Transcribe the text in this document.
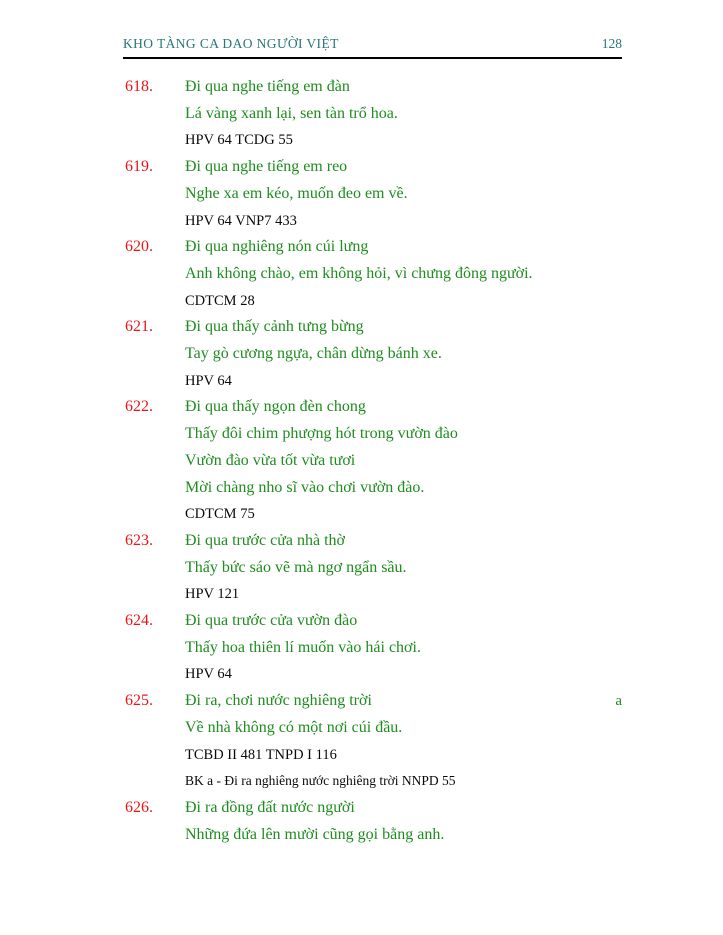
KHO TÀNG CA DAO NGƯỜI VIỆT	128
618. Đi qua nghe tiếng em đàn
Lá vàng xanh lại, sen tàn trổ hoa.
HPV 64 TCDG 55
619. Đi qua nghe tiếng em reo
Nghe xa em kéo, muốn đeo em về.
HPV 64 VNP7 433
620. Đi qua nghiêng nón cúi lưng
Anh không chào, em không hỏi, vì chưng đông người.
CDTCM 28
621. Đi qua thấy cảnh tưng bừng
Tay gò cương ngựa, chân dừng bánh xe.
HPV 64
622. Đi qua thấy ngọn đèn chong
Thấy đôi chim phượng hót trong vườn đào
Vườn đào vừa tốt vừa tươi
Mời chàng nho sĩ vào chơi vườn đào.
CDTCM 75
623. Đi qua trước cửa nhà thờ
Thấy bức sáo vẽ mà ngơ ngẩn sầu.
HPV 121
624. Đi qua trước cửa vườn đào
Thấy hoa thiên lí muốn vào hái chơi.
HPV 64
625. Đi ra, chơi nước nghiêng trời	a
Về nhà không có một nơi cúi đầu.
TCBD II 481 TNPD I 116
BK a - Đi ra nghiêng nước nghiêng trời NNPD 55
626. Đi ra đồng đất nước người
Những đứa lên mười cũng gọi bằng anh.
